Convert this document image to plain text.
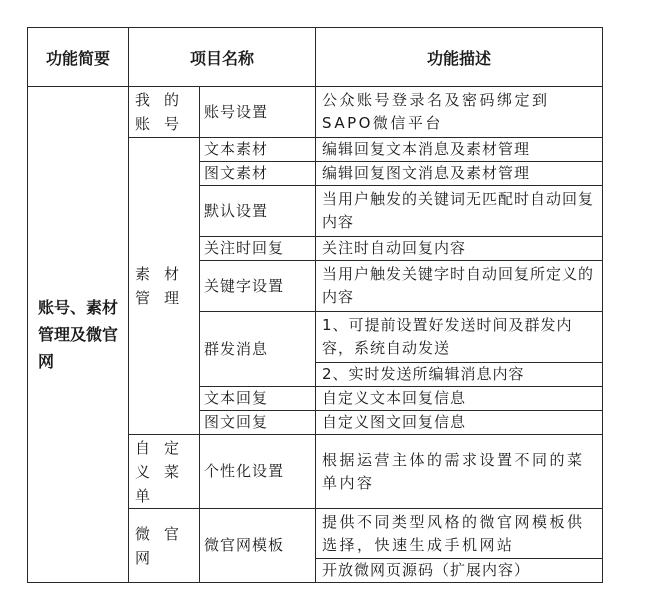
功能简要	项目名称		功能描述
账号、素材管理及微官网	我的账号	账号设置	公众账号登录名及密码绑定到SAPO微信平台
	素材管理	文本素材	编辑回复文本消息及素材管理
		图文素材	编辑回复图文消息及素材管理
		默认设置	当用户触发的关键词无匹配时自动回复内容
		关注时回复	关注时自动回复内容
		关键字设置	当用户触发关键字时自动回复所定义的内容
		群发消息	1、可提前设置好发送时间及群发内容，系统自动发送
			2、实时发送所编辑消息内容
		文本回复	自定义文本回复信息
		图文回复	自定义图文回复信息
	自定义菜单	个性化设置	根据运营主体的需求设置不同的菜单内容
	微官网	微官网模板	提供不同类型风格的微官网模板供选择，快速生成手机网站
			开放微网页源码（扩展内容）
